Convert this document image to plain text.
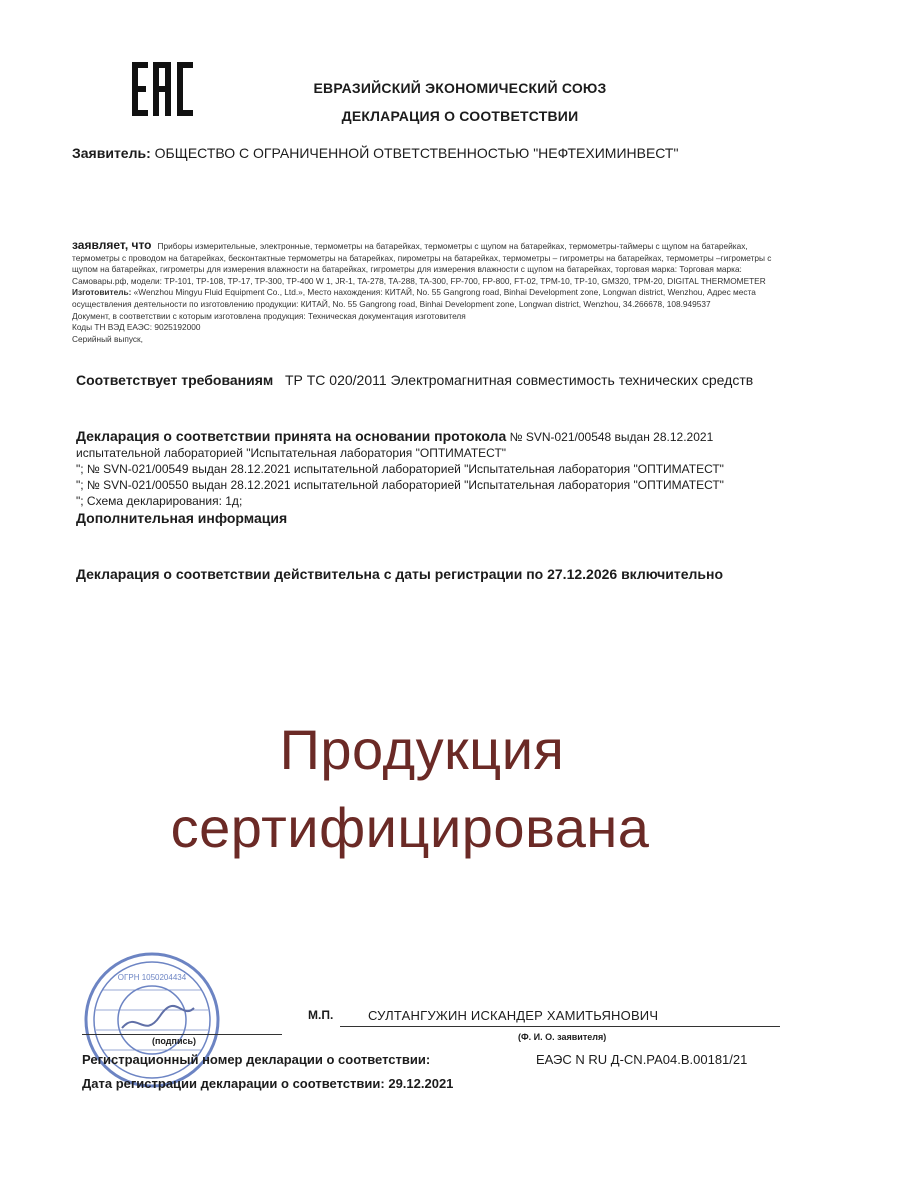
ЕВРАЗИЙСКИЙ ЭКОНОМИЧЕСКИЙ СОЮЗ
ДЕКЛАРАЦИЯ О СООТВЕТСТВИИ
Заявитель: ОБЩЕСТВО С ОГРАНИЧЕННОЙ ОТВЕТСТВЕННОСТЬЮ "НЕФТЕХИМИНВЕСТ"
заявляет, что Приборы измерительные, электронные, термометры на батарейках, термометры с щупом на батарейках, термометры-таймеры с щупом на батарейках, термометры с проводом на батарейках, бесконтактные термометры на батарейках, пирометры на батарейках, термометры – гигрометры на батарейках, термометры –гигрометры с щупом на батарейках, гигрометры для измерения влажности на батарейках, гигрометры для измерения влажности с щупом на батарейках, торговая марка: Торговая марка: Самовары.рф, модели: TP-101, TP-108, TP-17, TP-300, TP-400 W 1, JR-1, TA-278, TA-288, TA-300, FP-700, FP-800, FT-02, TPM-10, TP-10, GM320, TPM-20, DIGITAL THERMOMETER
Изготовитель: «Wenzhou Mingyu Fluid Equipment Co., Ltd.», Место нахождения: КИТАЙ, No. 55 Gangrong road, Binhai Development zone, Longwan district, Wenzhou, Адрес места осуществления деятельности по изготовлению продукции: КИТАЙ, No. 55 Gangrong road, Binhai Development zone, Longwan district, Wenzhou, 34.266678, 108.949537
Документ, в соответствии с которым изготовлена продукция: Техническая документация изготовителя
Коды ТН ВЭД ЕАЭС: 9025192000
Серийный выпуск,
Соответствует требованиям ТР ТС 020/2011 Электромагнитная совместимость технических средств
Декларация о соответствии принята на основании протокола № SVN-021/00548 выдан 28.12.2021
испытательной лабораторией "Испытательная лаборатория "ОПТИМАТЕСТ"
"; № SVN-021/00549 выдан 28.12.2021 испытательной лабораторией "Испытательная лаборатория "ОПТИМАТЕСТ"
"; № SVN-021/00550 выдан 28.12.2021 испытательной лабораторией "Испытательная лаборатория "ОПТИМАТЕСТ"
"; Схема декларирования: 1д;
Дополнительная информация
Декларация о соответствии действительна с даты регистрации по 27.12.2026 включительно
Продукция
сертифицирована
ОГРН 1050204434
М.П.	СУЛТАНГУЖИН ИСКАНДЕР ХАМИТЬЯНОВИЧ
(Ф. И. О. заявителя)
(подпись)
Регистрационный номер декларации о соответствии:	ЕАЭС N RU Д-CN.РА04.В.00181/21
Дата регистрации декларации о соответствии: 29.12.2021
